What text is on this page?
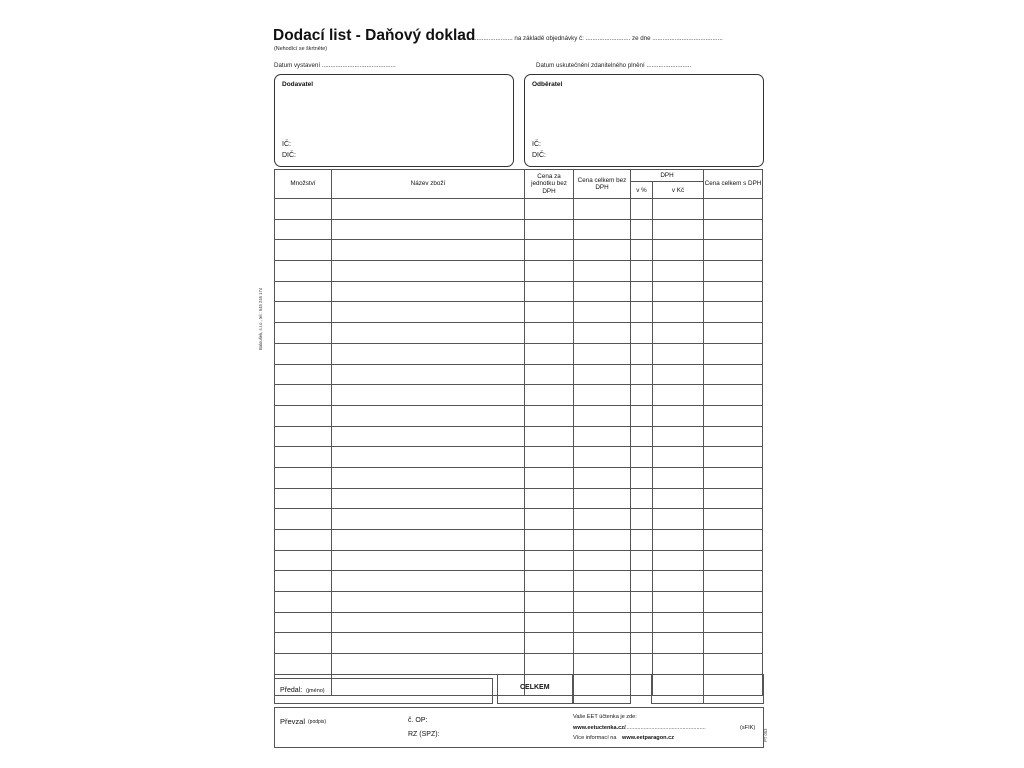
Dodací list - Daňový doklad
č.............................. na základě objednávky č: .......................... ze dne .........................................
(Nehodící se škrtněte)
Datum vystavení ...........................................	Datum uskutečnění zdanitelného plnění ..........................
Dodavatel
IČ:
DIČ:
Odběratel
IČ:
DIČ:
Množství	Název zboží	Cena za jednotku bez DPH	Cena celkem bez DPH	DPH		Cena celkem s DPH
				v %	v Kč	

Předal: (jméno)	CELKEM
Převzal (podpis)	č. OP:
RZ (SPZ):
Vaše EET účtenka je zde:
www.eetuctenka.cz/ ....................................................	(sFIK)
Více informací na www.eetparagon.cz
Baloušek, s.r.o., tel.: 545 245 174
PT 053
